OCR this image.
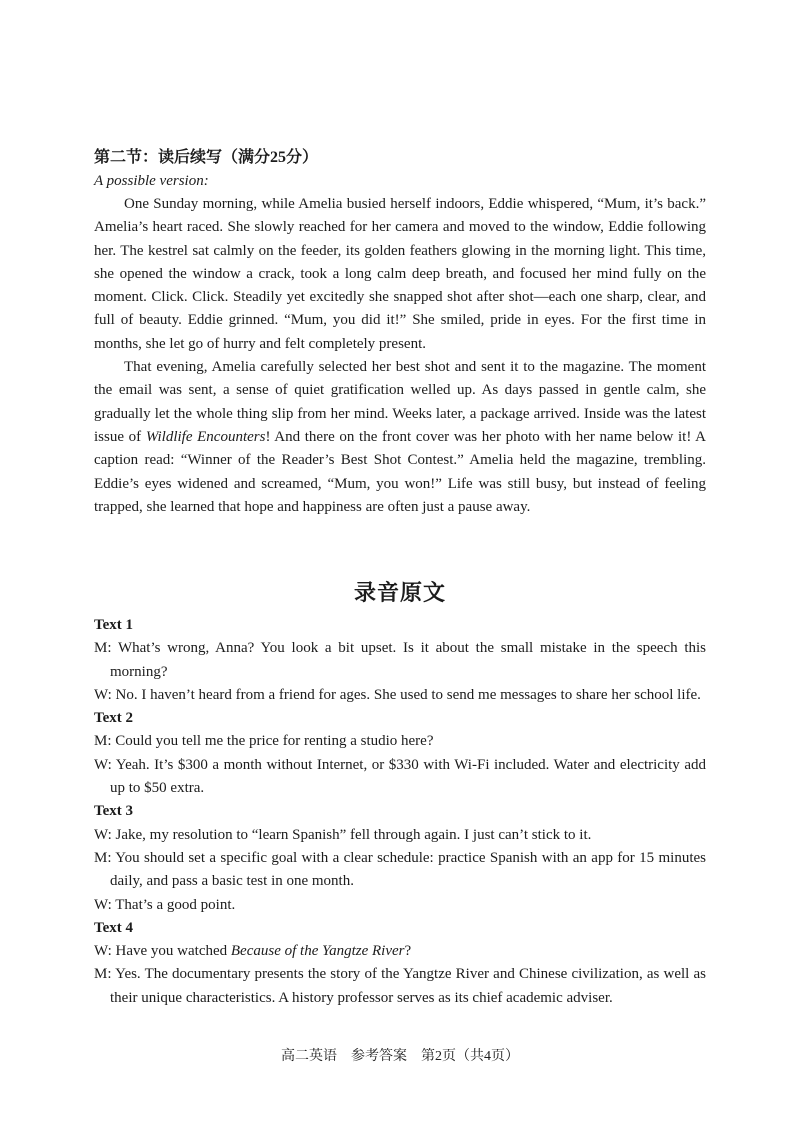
第二节：读后续写（满分25分）

A possible version:

One Sunday morning, while Amelia busied herself indoors, Eddie whispered, “Mum, it’s back.” Amelia’s heart raced. She slowly reached for her camera and moved to the window, Eddie following her. The kestrel sat calmly on the feeder, its golden feathers glowing in the morning light. This time, she opened the window a crack, took a long calm deep breath, and focused her mind fully on the moment. Click. Click. Steadily yet excitedly she snapped shot after shot—each one sharp, clear, and full of beauty. Eddie grinned. “Mum, you did it!” She smiled, pride in eyes. For the first time in months, she let go of hurry and felt completely present.

That evening, Amelia carefully selected her best shot and sent it to the magazine. The moment the email was sent, a sense of quiet gratification welled up. As days passed in gentle calm, she gradually let the whole thing slip from her mind. Weeks later, a package arrived. Inside was the latest issue of Wildlife Encounters! And there on the front cover was her photo with her name below it! A caption read: “Winner of the Reader’s Best Shot Contest.” Amelia held the magazine, trembling. Eddie’s eyes widened and screamed, “Mum, you won!” Life was still busy, but instead of feeling trapped, she learned that hope and happiness are often just a pause away.

录音原文

Text 1

M: What’s wrong, Anna? You look a bit upset. Is it about the small mistake in the speech this morning?

W: No. I haven’t heard from a friend for ages. She used to send me messages to share her school life.

Text 2

M: Could you tell me the price for renting a studio here?

W: Yeah. It’s $300 a month without Internet, or $330 with Wi-Fi included. Water and electricity add up to $50 extra.

Text 3

W: Jake, my resolution to “learn Spanish” fell through again. I just can’t stick to it.

M: You should set a specific goal with a clear schedule: practice Spanish with an app for 15 minutes daily, and pass a basic test in one month.

W: That’s a good point.

Text 4

W: Have you watched Because of the Yangtze River?

M: Yes. The documentary presents the story of the Yangtze River and Chinese civilization, as well as their unique characteristics. A history professor serves as its chief academic adviser.

高二英语　参考答案　第2页（共4页）
